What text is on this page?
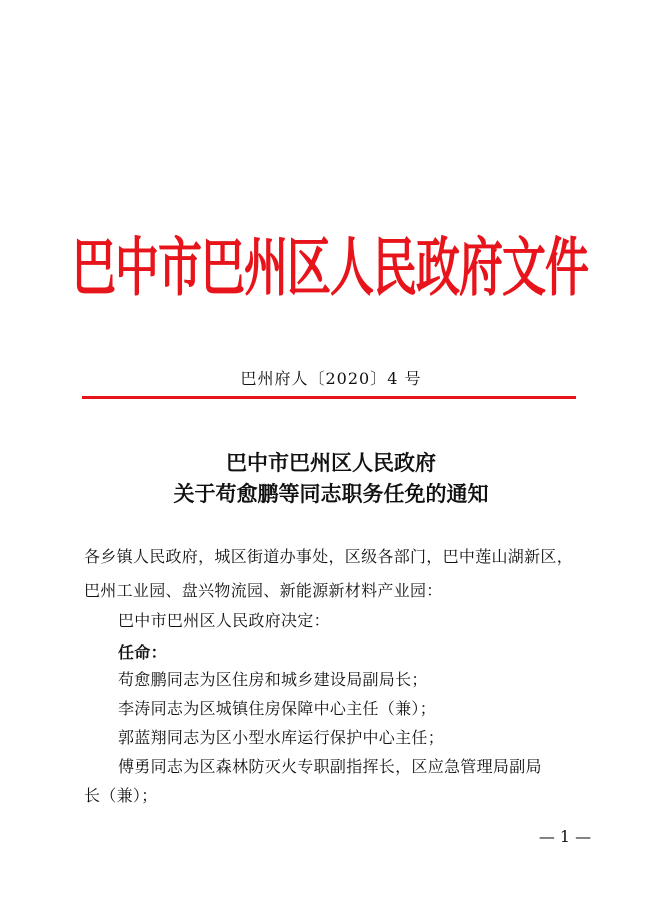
巴中市巴州区人民政府文件
巴州府人〔2020〕4 号
巴中市巴州区人民政府
关于苟愈鹏等同志职务任免的通知
各乡镇人民政府，城区街道办事处，区级各部门，巴中莲山湖新区，
巴州工业园、盘兴物流园、新能源新材料产业园：
巴中市巴州区人民政府决定：
任命：
苟愈鹏同志为区住房和城乡建设局副局长；
李涛同志为区城镇住房保障中心主任（兼）；
郭蓝翔同志为区小型水库运行保护中心主任；
傅勇同志为区森林防灭火专职副指挥长，区应急管理局副局
长（兼）；
— 1 —
